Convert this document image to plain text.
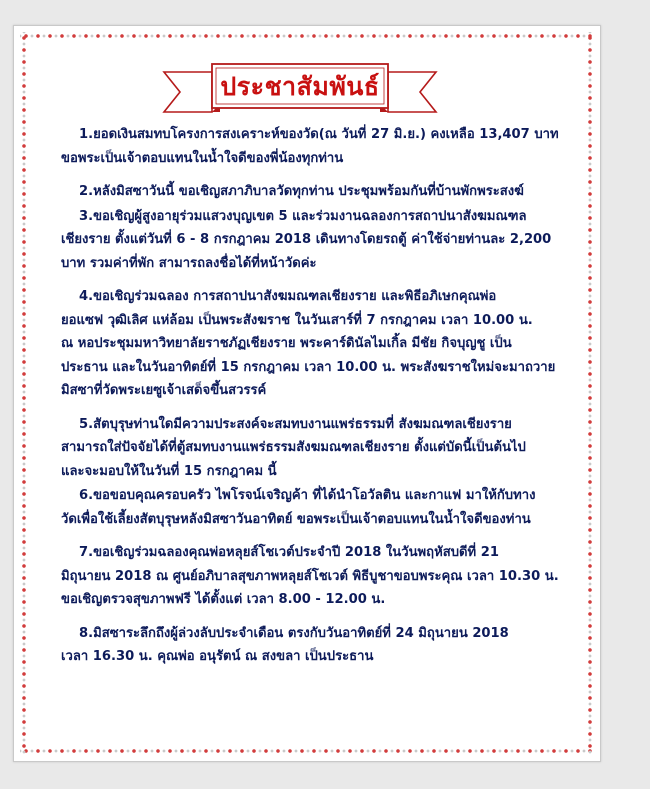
ประชาสัมพันธ์

1.ยอดเงินสมทบโครงการสงเคราะห์ของวัด(ณ วันที่ 27 มิ.ย.) คงเหลือ 13,407 บาท

ขอพระเป็นเจ้าตอบแทนในน้ำใจดีของพี่น้องทุกท่าน

2.หลังมิสซาวันนี้ ขอเชิญสภาภิบาลวัดทุกท่าน ประชุมพร้อมกันที่บ้านพักพระสงฆ์

3.ขอเชิญผู้สูงอายุร่วมแสวงบุญเขต 5 และร่วมงานฉลองการสถาปนาสังฆมณฑล

เชียงราย ตั้งแต่วันที่ 6 - 8 กรกฎาคม 2018 เดินทางโดยรถตู้ ค่าใช้จ่ายท่านละ 2,200

บาท รวมค่าที่พัก สามารถลงชื่อได้ที่หน้าวัดค่ะ

4.ขอเชิญร่วมฉลอง การสถาปนาสังฆมณฑลเชียงราย และพิธีอภิเษกคุณพ่อ

ยอแซฟ วุฒิเลิศ แห่ล้อม เป็นพระสังฆราช ในวันเสาร์ที่ 7 กรกฎาคม เวลา 10.00 น.

ณ หอประชุมมหาวิทยาลัยราชภัฏเชียงราย พระคาร์ดินัลไมเกิ้ล มีชัย กิจบุญชู เป็น

ประธาน และในวันอาทิตย์ที่ 15 กรกฎาคม เวลา 10.00 น. พระสังฆราชใหม่จะมาถวาย

มิสซาที่วัดพระเยซูเจ้าเสด็จขึ้นสวรรค์

5.สัตบุรุษท่านใดมีความประสงค์จะสมทบงานแพร่ธรรมที่ สังฆมณฑลเชียงราย

สามารถใส่ปัจจัยได้ที่ตู้สมทบงานแพร่ธรรมสังฆมณฑลเชียงราย ตั้งแต่บัดนี้เป็นต้นไป

และจะมอบให้ในวันที่ 15 กรกฎาคม นี้

6.ขอขอบคุณครอบครัว ไพโรจน์เจริญค้า ที่ได้นำโอวัลติน และกาแฟ มาให้กับทาง

วัดเพื่อใช้เลี้ยงสัตบุรุษหลังมิสซาวันอาทิตย์ ขอพระเป็นเจ้าตอบแทนในน้ำใจดีของท่าน

7.ขอเชิญร่วมฉลองคุณพ่อหลุยส์โชเวต์ประจำปี 2018 ในวันพฤหัสบดีที่ 21

มิถุนายน 2018 ณ ศูนย์อภิบาลสุขภาพหลุยส์โชเวต์ พิธีบูชาขอบพระคุณ เวลา 10.30 น.

ขอเชิญตรวจสุขภาพฟรี ได้ตั้งแต่ เวลา 8.00 - 12.00 น.

8.มิสซาระลึกถึงผู้ล่วงลับประจำเดือน ตรงกับวันอาทิตย์ที่ 24 มิถุนายน 2018

เวลา 16.30 น. คุณพ่อ อนุรัตน์ ณ สงขลา เป็นประธาน
